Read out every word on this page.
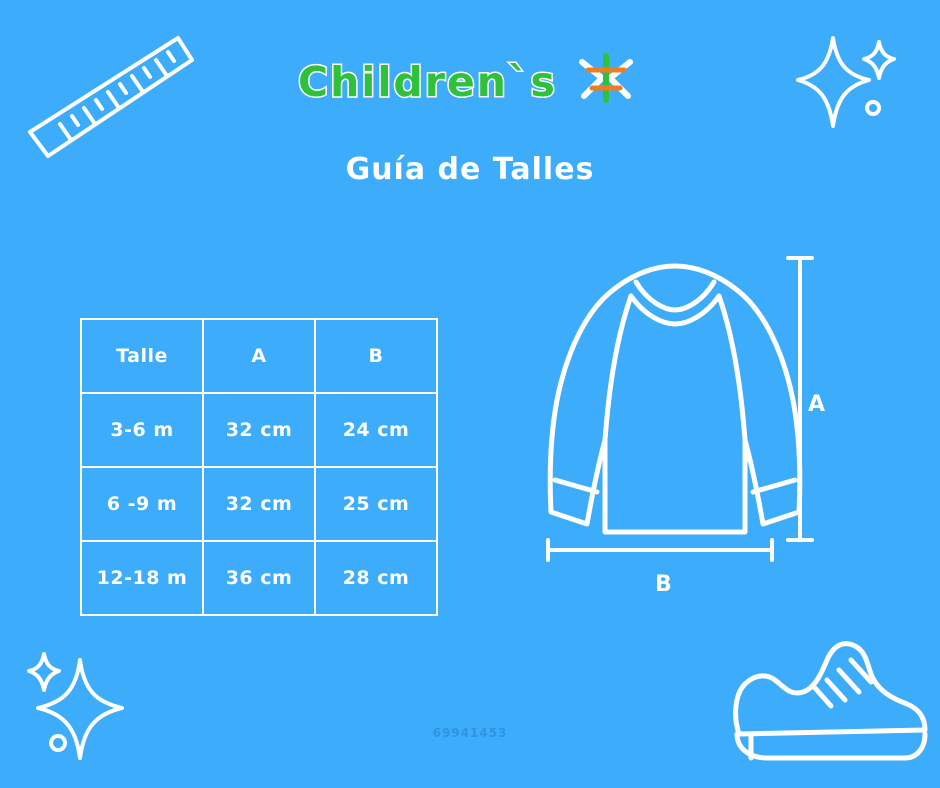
Children`s
Guía de Talles
Talle	A	B
3-6 m	32 cm	24 cm
6 -9 m	32 cm	25 cm
12-18 m	36 cm	28 cm
A
B
69941453
